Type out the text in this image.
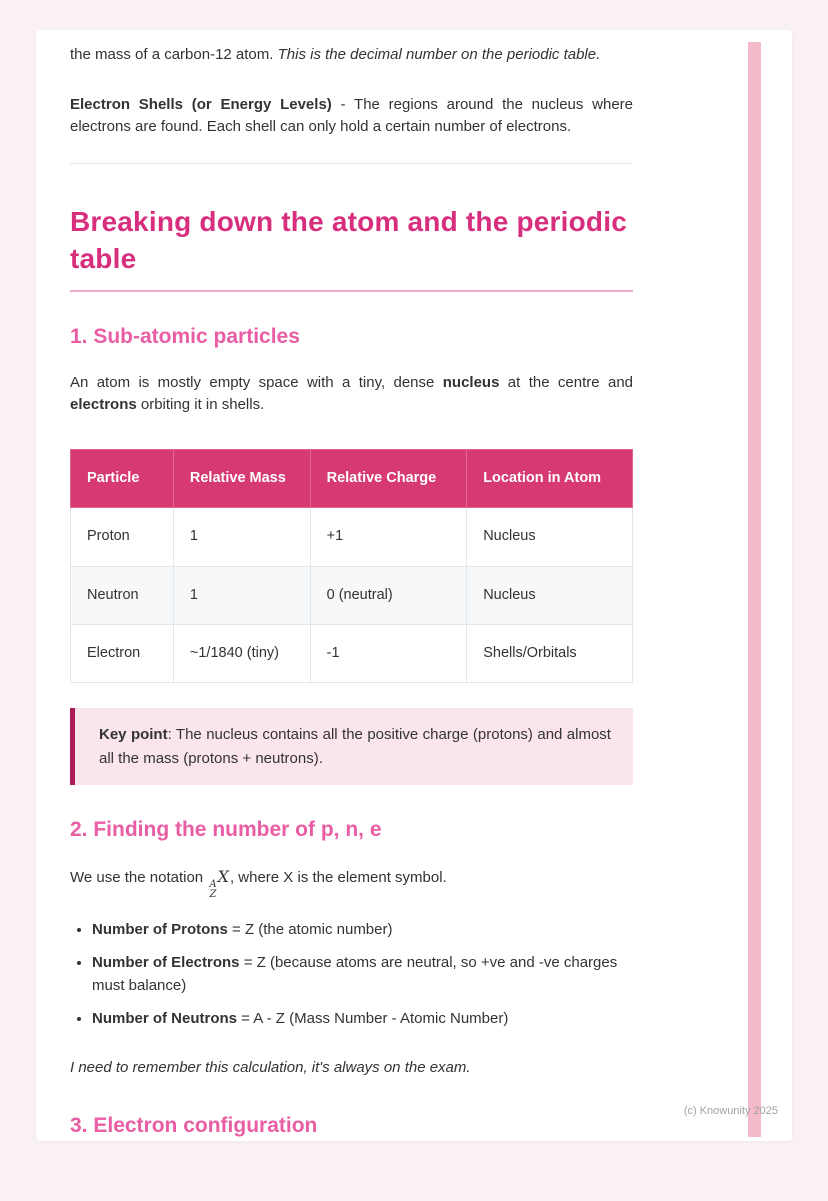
the mass of a carbon-12 atom. This is the decimal number on the periodic table.

Electron Shells (or Energy Levels) - The regions around the nucleus where electrons are found. Each shell can only hold a certain number of electrons.

Breaking down the atom and the periodic table
1. Sub-atomic particles

An atom is mostly empty space with a tiny, dense nucleus at the centre and electrons orbiting it in shells.

Particle	Relative Mass	Relative Charge	Location in Atom
Proton	1	+1	Nucleus
Neutron	1	0 (neutral)	Nucleus
Electron	~1/1840 (tiny)	-1	Shells/Orbitals
Key point: The nucleus contains all the positive charge (protons) and almost all the mass (protons + neutrons).
2. Finding the number of p, n, e

We use the notation A
Z
X, where X is the element symbol.

• Number of Protons = Z (the atomic number)
• Number of Electrons = Z (because atoms are neutral, so +ve and -ve charges must balance)
• Number of Neutrons = A - Z (Mass Number - Atomic Number)

I need to remember this calculation, it's always on the exam.

3. Electron configuration
(c) Knowunity 2025
